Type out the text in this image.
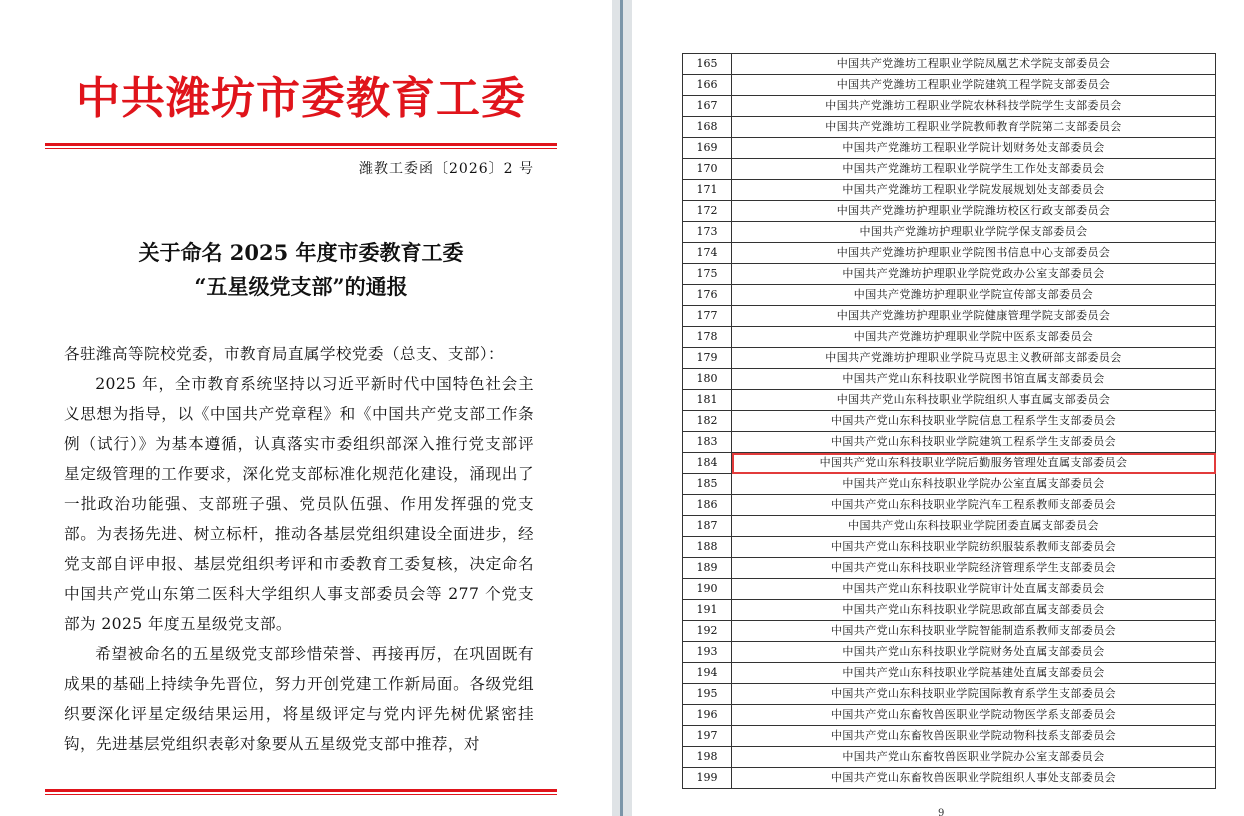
中共潍坊市委教育工委
潍教工委函〔2026〕2 号
关于命名 2025 年度市委教育工委
“五星级党支部”的通报

各驻潍高等院校党委，市教育局直属学校党委（总支、支部）：

2025 年，全市教育系统坚持以习近平新时代中国特色社会主义思想为指导，以《中国共产党章程》和《中国共产党支部工作条例（试行）》为基本遵循，认真落实市委组织部深入推行党支部评星定级管理的工作要求，深化党支部标准化规范化建设，涌现出了一批政治功能强、支部班子强、党员队伍强、作用发挥强的党支部。为表扬先进、树立标杆，推动各基层党组织建设全面进步，经党支部自评申报、基层党组织考评和市委教育工委复核，决定命名中国共产党山东第二医科大学组织人事支部委员会等 277 个党支部为 2025 年度五星级党支部。

希望被命名的五星级党支部珍惜荣誉、再接再厉，在巩固既有成果的基础上持续争先晋位，努力开创党建工作新局面。各级党组织要深化评星定级结果运用，将星级评定与党内评先树优紧密挂钩，先进基层党组织表彰对象要从五星级党支部中推荐，对

165	中国共产党潍坊工程职业学院凤凰艺术学院支部委员会
166	中国共产党潍坊工程职业学院建筑工程学院支部委员会
167	中国共产党潍坊工程职业学院农林科技学院学生支部委员会
168	中国共产党潍坊工程职业学院教师教育学院第二支部委员会
169	中国共产党潍坊工程职业学院计划财务处支部委员会
170	中国共产党潍坊工程职业学院学生工作处支部委员会
171	中国共产党潍坊工程职业学院发展规划处支部委员会
172	中国共产党潍坊护理职业学院潍坊校区行政支部委员会
173	中国共产党潍坊护理职业学院学保支部委员会
174	中国共产党潍坊护理职业学院图书信息中心支部委员会
175	中国共产党潍坊护理职业学院党政办公室支部委员会
176	中国共产党潍坊护理职业学院宣传部支部委员会
177	中国共产党潍坊护理职业学院健康管理学院支部委员会
178	中国共产党潍坊护理职业学院中医系支部委员会
179	中国共产党潍坊护理职业学院马克思主义教研部支部委员会
180	中国共产党山东科技职业学院图书馆直属支部委员会
181	中国共产党山东科技职业学院组织人事直属支部委员会
182	中国共产党山东科技职业学院信息工程系学生支部委员会
183	中国共产党山东科技职业学院建筑工程系学生支部委员会
184	中国共产党山东科技职业学院后勤服务管理处直属支部委员会
185	中国共产党山东科技职业学院办公室直属支部委员会
186	中国共产党山东科技职业学院汽车工程系教师支部委员会
187	中国共产党山东科技职业学院团委直属支部委员会
188	中国共产党山东科技职业学院纺织服装系教师支部委员会
189	中国共产党山东科技职业学院经济管理系学生支部委员会
190	中国共产党山东科技职业学院审计处直属支部委员会
191	中国共产党山东科技职业学院思政部直属支部委员会
192	中国共产党山东科技职业学院智能制造系教师支部委员会
193	中国共产党山东科技职业学院财务处直属支部委员会
194	中国共产党山东科技职业学院基建处直属支部委员会
195	中国共产党山东科技职业学院国际教育系学生支部委员会
196	中国共产党山东畜牧兽医职业学院动物医学系支部委员会
197	中国共产党山东畜牧兽医职业学院动物科技系支部委员会
198	中国共产党山东畜牧兽医职业学院办公室支部委员会
199	中国共产党山东畜牧兽医职业学院组织人事处支部委员会
9
